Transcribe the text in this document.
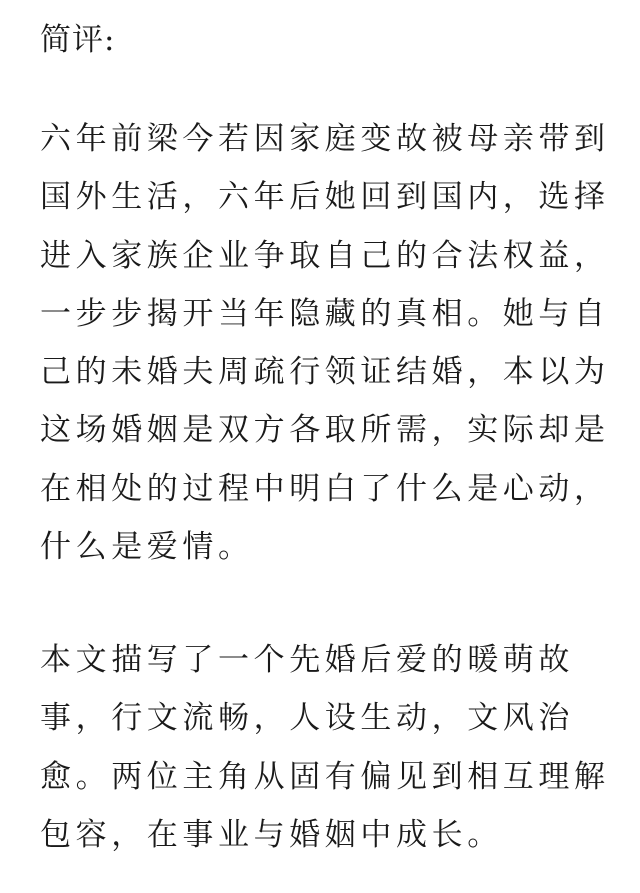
简评:

六年前梁今若因家庭变故被母亲带到
国外生活，六年后她回到国内，选择
进入家族企业争取自己的合法权益，
一步步揭开当年隐藏的真相。她与自
己的未婚夫周疏行领证结婚，本以为
这场婚姻是双方各取所需，实际却是
在相处的过程中明白了什么是心动，
什么是爱情。

本文描写了一个先婚后爱的暖萌故
事，行文流畅，人设生动，文风治
愈。两位主角从固有偏见到相互理解
包容，在事业与婚姻中成长。
